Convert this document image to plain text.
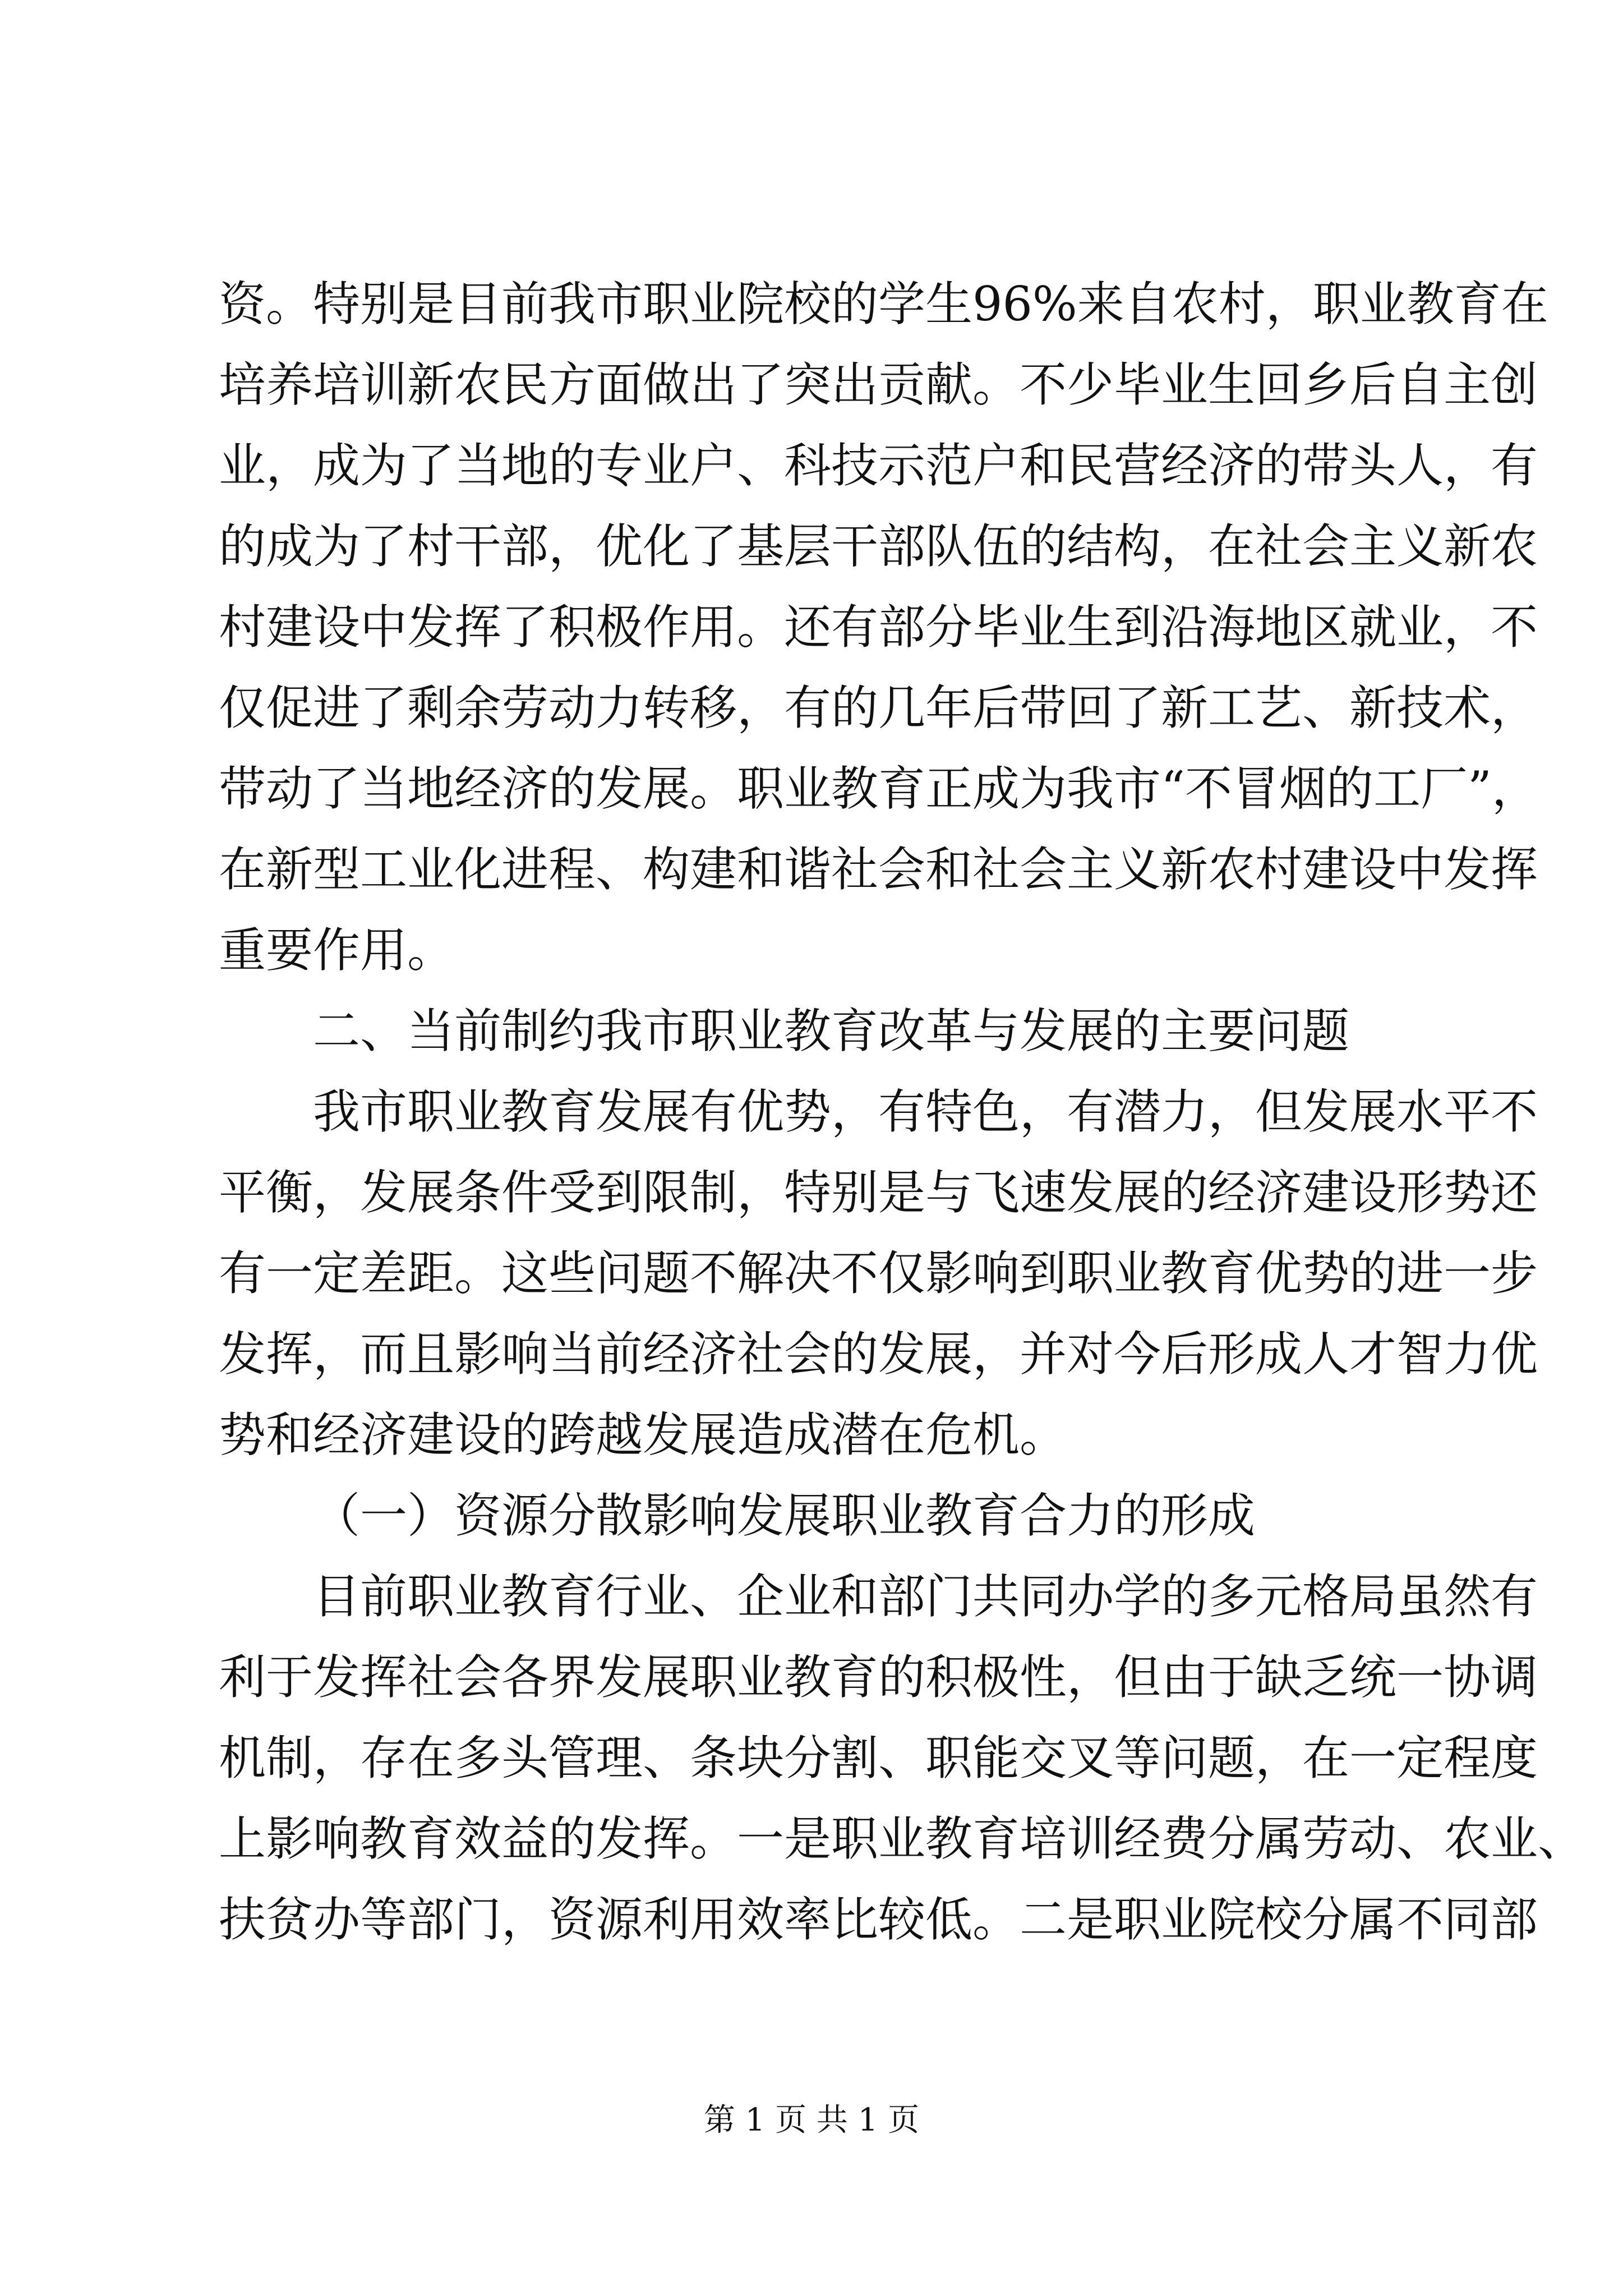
资。特别是目前我市职业院校的学生96%来自农村，职业教育在
培养培训新农民方面做出了突出贡献。不少毕业生回乡后自主创
业，成为了当地的专业户、科技示范户和民营经济的带头人，有
的成为了村干部，优化了基层干部队伍的结构，在社会主义新农
村建设中发挥了积极作用。还有部分毕业生到沿海地区就业，不
仅促进了剩余劳动力转移，有的几年后带回了新工艺、新技术，
带动了当地经济的发展。职业教育正成为我市“不冒烟的工厂”，
在新型工业化进程、构建和谐社会和社会主义新农村建设中发挥
重要作用。
二、当前制约我市职业教育改革与发展的主要问题
我市职业教育发展有优势，有特色，有潜力，但发展水平不
平衡，发展条件受到限制，特别是与飞速发展的经济建设形势还
有一定差距。这些问题不解决不仅影响到职业教育优势的进一步
发挥，而且影响当前经济社会的发展，并对今后形成人才智力优
势和经济建设的跨越发展造成潜在危机。
（一）资源分散影响发展职业教育合力的形成
目前职业教育行业、企业和部门共同办学的多元格局虽然有
利于发挥社会各界发展职业教育的积极性，但由于缺乏统一协调
机制，存在多头管理、条块分割、职能交叉等问题，在一定程度
上影响教育效益的发挥。一是职业教育培训经费分属劳动、农业、
扶贫办等部门，资源利用效率比较低。二是职业院校分属不同部
第 1 页 共 1 页
